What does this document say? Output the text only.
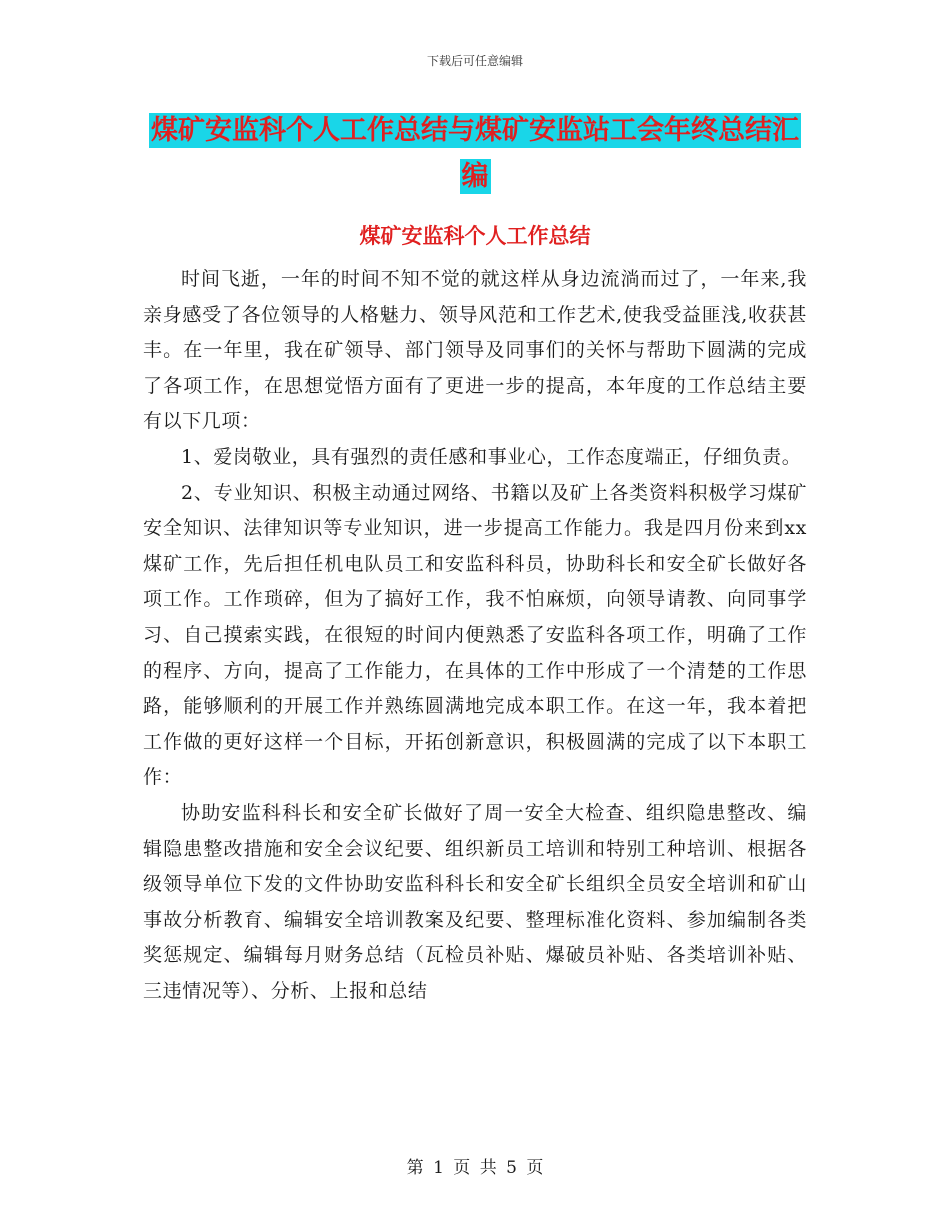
下载后可任意编辑
煤矿安监科个人工作总结与煤矿安监站工会年终总结汇编
煤矿安监科个人工作总结

时间飞逝，一年的时间不知不觉的就这样从身边流淌而过了，一年来,我亲身感受了各位领导的人格魅力、领导风范和工作艺术,使我受益匪浅,收获甚丰。在一年里，我在矿领导、部门领导及同事们的关怀与帮助下圆满的完成了各项工作，在思想觉悟方面有了更进一步的提高，本年度的工作总结主要有以下几项：

1、爱岗敬业，具有强烈的责任感和事业心，工作态度端正，仔细负责。

2、专业知识、积极主动通过网络、书籍以及矿上各类资料积极学习煤矿安全知识、法律知识等专业知识，进一步提高工作能力。我是四月份来到xx煤矿工作，先后担任机电队员工和安监科科员，协助科长和安全矿长做好各项工作。工作琐碎，但为了搞好工作，我不怕麻烦，向领导请教、向同事学习、自己摸索实践，在很短的时间内便熟悉了安监科各项工作，明确了工作的程序、方向，提高了工作能力，在具体的工作中形成了一个清楚的工作思路，能够顺利的开展工作并熟练圆满地完成本职工作。在这一年，我本着把工作做的更好这样一个目标，开拓创新意识，积极圆满的完成了以下本职工作：

协助安监科科长和安全矿长做好了周一安全大检查、组织隐患整改、编辑隐患整改措施和安全会议纪要、组织新员工培训和特别工种培训、根据各级领导单位下发的文件协助安监科科长和安全矿长组织全员安全培训和矿山事故分析教育、编辑安全培训教案及纪要、整理标准化资料、参加编制各类奖惩规定、编辑每月财务总结（瓦检员补贴、爆破员补贴、各类培训补贴、三违情况等）、分析、上报和总结

第 1 页 共 5 页
